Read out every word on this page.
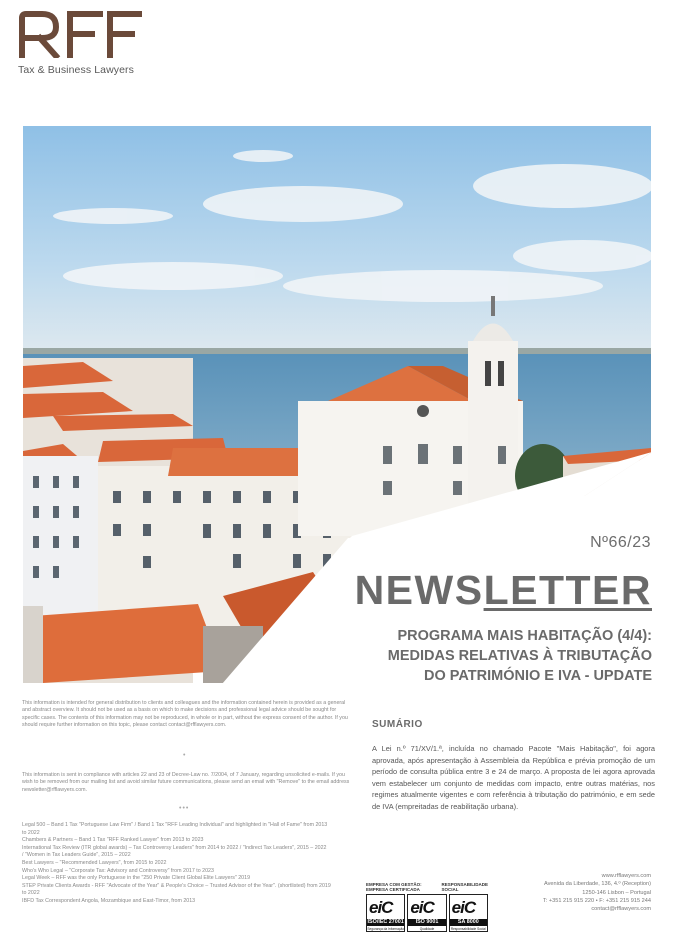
Tax & Business Lawyers
Nº66/23
NEWSLETTER
PROGRAMA MAIS HABITAÇÃO (4/4):
MEDIDAS RELATIVAS À TRIBUTAÇÃO
DO PATRIMÓNIO E IVA - UPDATE
SUMÁRIO
A Lei n.º 71/XV/1.ª, incluída no chamado Pacote "Mais Habitação", foi agora aprovada, após apresentação à Assembleia da República e prévia promoção de um período de consulta pública entre 3 e 24 de março. A proposta de lei agora aprovada vem estabelecer um conjunto de medidas com impacto, entre outras matérias, nos regimes atualmente vigentes e com referência à tributação do património, e em sede de IVA (empreitadas de reabilitação urbana).
This information is intended for general distribution to clients and colleagues and the information contained herein is provided as a general and abstract overview. It should not be used as a basis on which to make decisions and professional legal advice should be sought for specific cases. The contents of this information may not be reproduced, in whole or in part, without the express consent of the author. If you should require further information on this topic, please contact contact@rfflawyers.com.
•
This information is sent in compliance with articles 22 and 23 of Decree-Law no. 7/2004, of 7 January, regarding unsolicited e-mails. If you wish to be removed from our mailing list and avoid similar future communications, please send an email with "Remove" to the email address newsletter@rfflawyers.com.
•••
Legal 500 – Band 1 Tax "Portuguese Law Firm" / Band 1 Tax "RFF Leading Individual" and highlighted in "Hall of Fame" from 2013
to 2022
Chambers & Partners – Band 1 Tax "RFF Ranked Lawyer" from 2013 to 2023
International Tax Review (ITR global awards) – Tax Controversy Leaders" from 2014 to 2022 / "Indirect Tax Leaders", 2015 – 2022
/ "Women in Tax Leaders Guide", 2015 – 2022
Best Lawyers – "Recommended Lawyers", from 2015 to 2022
Who's Who Legal – "Corporate Tax: Advisory and Controversy" from 2017 to 2023
Legal Week – RFF was the only Portuguese in the "250 Private Client Global Elite Lawyers" 2019
STEP Private Clients Awards - RFF "Advocate of the Year" & People's Choice – Trusted Advisor of the Year". (shortlisted) from 2019
to 2022
IBFD Tax Correspondent Angola, Mozambique and East-Timor, from 2013
EMPRESA COM GESTÃO: EMPRESA CERTIFICADA
RESPONSABILIDADE SOCIAL
eiC
ISO/IEC 27001
Segurança da Informação
eiC
ISO 9001
Qualidade
eiC
SA 8000
Responsabilidade Social
www.rfflawyers.com
Avenida da Liberdade, 136, 4.º (Reception)
1250-146 Lisbon – Portugal
T: +351 215 915 220 • F: +351 215 915 244
contact@rfflawyers.com
